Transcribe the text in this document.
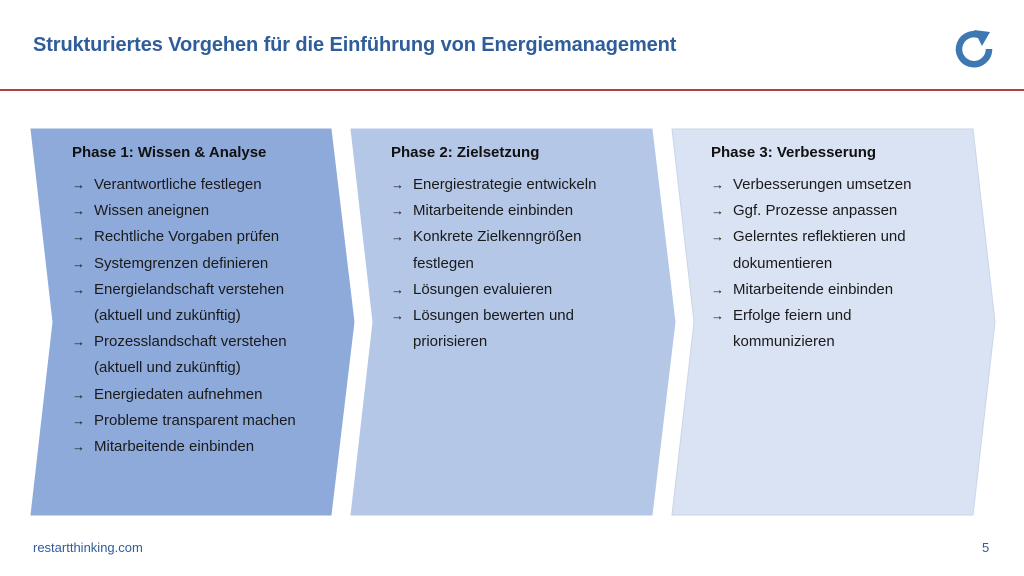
Strukturiertes Vorgehen für die Einführung von Energiemanagement
Phase 1: Wissen & Analyse
→ Verantwortliche festlegen
→ Wissen aneignen
→ Rechtliche Vorgaben prüfen
→ Systemgrenzen definieren
→ Energielandschaft verstehen (aktuell und zukünftig)
→ Prozesslandschaft verstehen (aktuell und zukünftig)
→ Energiedaten aufnehmen
→ Probleme transparent machen
→ Mitarbeitende einbinden
Phase 2: Zielsetzung
→ Energiestrategie entwickeln
→ Mitarbeitende einbinden
→ Konkrete Zielkenngrößen festlegen
→ Lösungen evaluieren
→ Lösungen bewerten und priorisieren
Phase 3: Verbesserung
→ Verbesserungen umsetzen
→ Ggf. Prozesse anpassen
→ Gelerntes reflektieren und dokumentieren
→ Mitarbeitende einbinden
→ Erfolge feiern und kommunizieren
restartthinking.com	5
